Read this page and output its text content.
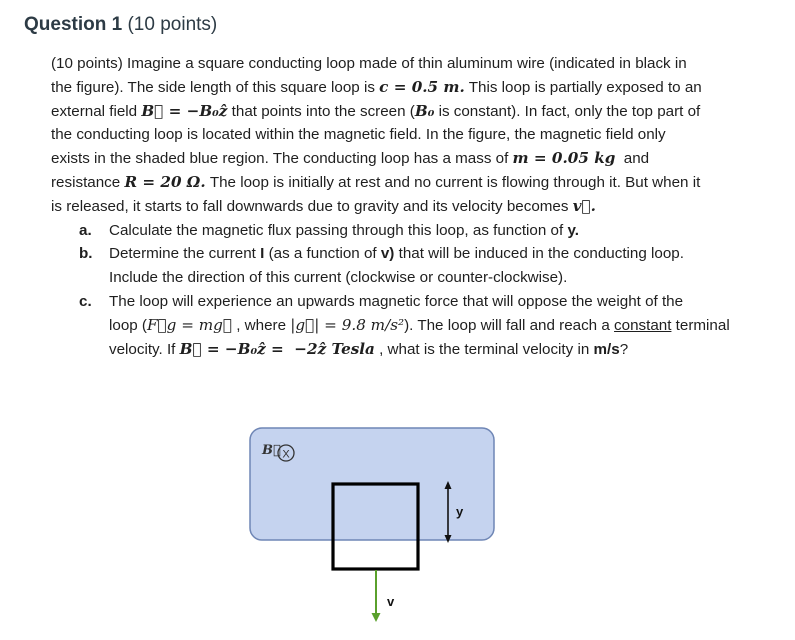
Question 1 (10 points)
(10 points) Imagine a square conducting loop made of thin aluminum wire (indicated in black in
the figure). The side length of this square loop is c = 0.5 m. This loop is partially exposed to an
external field B⃗ = −B₀ẑ that points into the screen (B₀ is constant). In fact, only the top part of
the conducting loop is located within the magnetic field. In the figure, the magnetic field only
exists in the shaded blue region. The conducting loop has a mass of m = 0.05 kg  and
resistance R = 20 Ω. The loop is initially at rest and no current is flowing through it. But when it
is released, it starts to fall downwards due to gravity and its velocity becomes v⃗.
a. Calculate the magnetic flux passing through this loop, as function of y.
b. Determine the current I (as a function of v) that will be induced in the conducting loop.
Include the direction of this current (clockwise or counter-clockwise).
c. The loop will experience an upwards magnetic force that will oppose the weight of the
loop (F⃗g = mg⃗ , where |g⃗| = 9.8 m/s²). The loop will fall and reach a constant terminal
velocity. If B⃗ = −B₀ẑ =  −2ẑ Tesla , what is the terminal velocity in m/s?
B⃗ X
y
v
